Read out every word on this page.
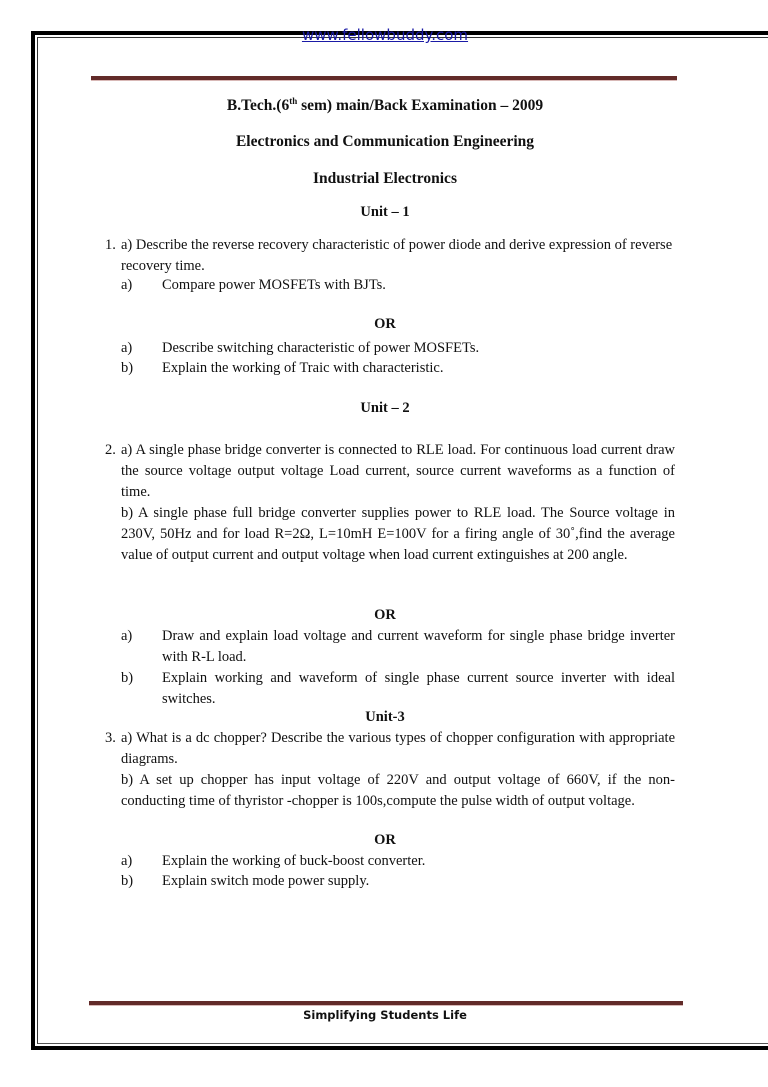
www.fellowbuddy.com
B.Tech.(6th sem) main/Back Examination – 2009
Electronics and Communication Engineering
Industrial Electronics
Unit – 1
1. a) Describe the reverse recovery characteristic of power diode and derive expression of reverse recovery time.
a) Compare power MOSFETs with BJTs.
OR
a) Describe switching characteristic of power MOSFETs.
b) Explain the working of Traic with characteristic.
Unit – 2
2. a) A single phase bridge converter is connected to RLE load. For continuous load current draw the source voltage output voltage Load current, source current waveforms as a function of time.
b) A single phase full bridge converter supplies power to RLE load. The Source voltage in 230V, 50Hz and for load R=2Ω, L=10mH E=100V for a firing angle of 30˚,find the average value of output current and output voltage when load current extinguishes at 200 angle.
OR
a) Draw and explain load voltage and current waveform for single phase bridge inverter with R-L load.
b) Explain working and waveform of single phase current source inverter with ideal switches.
Unit-3
3. a) What is a dc chopper? Describe the various types of chopper configuration with appropriate diagrams.
b) A set up chopper has input voltage of 220V and output voltage of 660V, if the non-conducting time of thyristor -chopper is 100s,compute the pulse width of output voltage.
OR
a) Explain the working of buck-boost converter.
b) Explain switch mode power supply.
Simplifying Students Life
